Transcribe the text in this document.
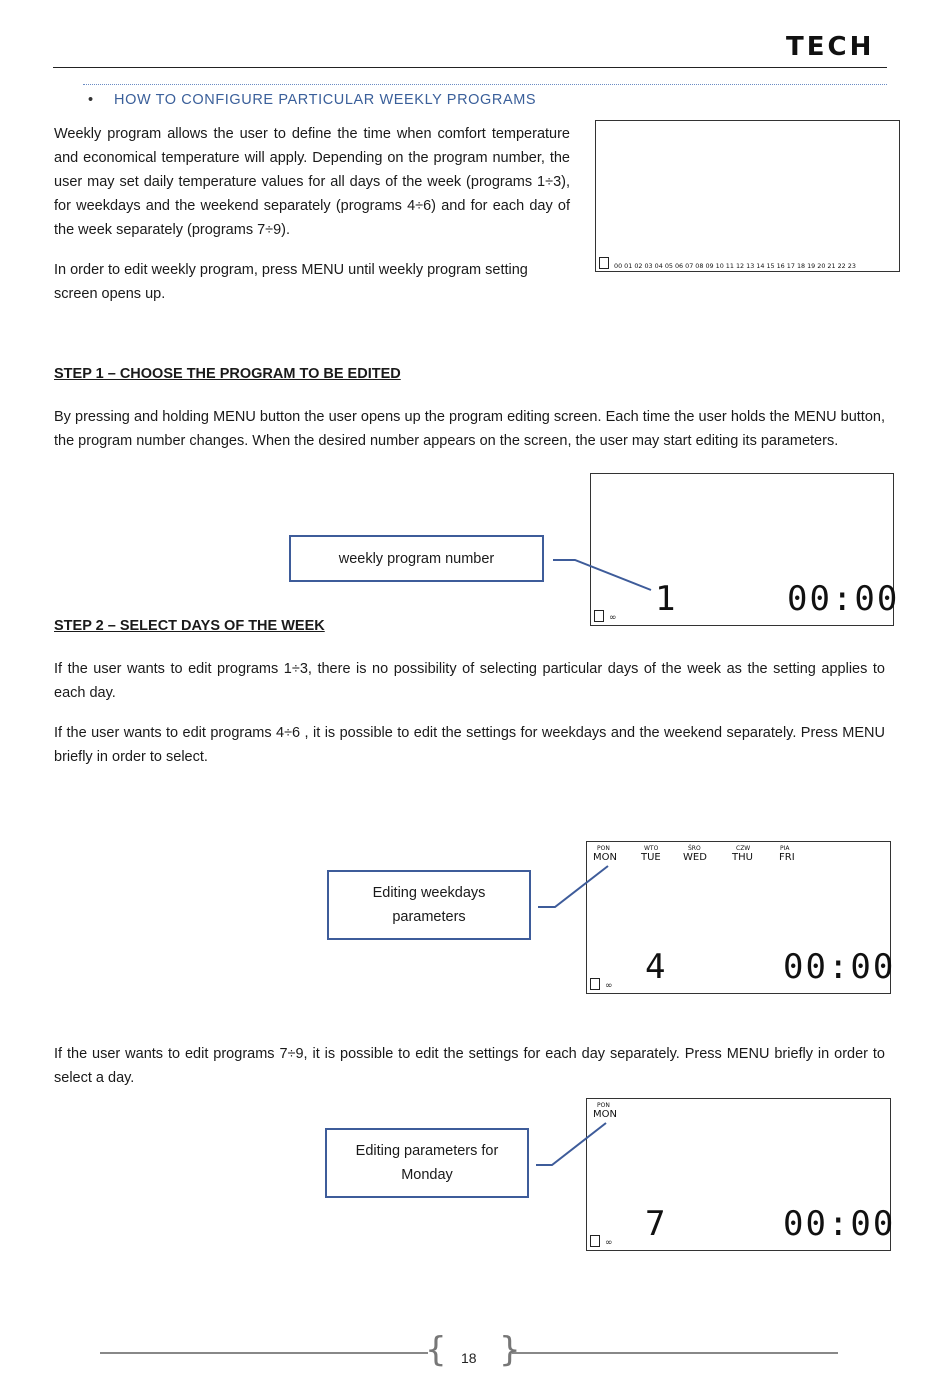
TECH
• HOW TO CONFIGURE PARTICULAR WEEKLY PROGRAMS
Weekly program allows the user to define the time when comfort temperature and economical temperature will apply. Depending on the program number, the user may set daily temperature values for all days of the week (programs 1÷3), for weekdays and the weekend separately (programs 4÷6) and for each day of the week separately (programs 7÷9).
In order to edit weekly program, press MENU until weekly program setting screen opens up.
00 01 02 03 04 05 06 07 08 09 10 11 12 13 14 15 16 17 18 19 20 21 22 23
STEP 1 – CHOOSE THE PROGRAM TO BE EDITED
By pressing and holding MENU button the user opens up the program editing screen. Each time the user holds the MENU button, the program number changes. When the desired number appears on the screen, the user may start editing its parameters.
weekly program number
1	00:00
∞
STEP 2 – SELECT DAYS OF THE WEEK
If the user wants to edit programs 1÷3, there is no possibility of selecting particular days of the week as the setting applies to each day.
If the user wants to edit programs 4÷6 , it is possible to edit the settings for weekdays and the weekend separately. Press MENU briefly in order to select.
Editing weekdays
parameters
PON
MON
WTO
TUE
ŚRO
WED
CZW
THU
PIA
FRI
4	00:00
∞
If the user wants to edit programs 7÷9, it is possible to edit the settings for each day separately. Press MENU briefly in order to select a day.
Editing parameters for
Monday
PON
MON
7	00:00
∞
{ }
18
